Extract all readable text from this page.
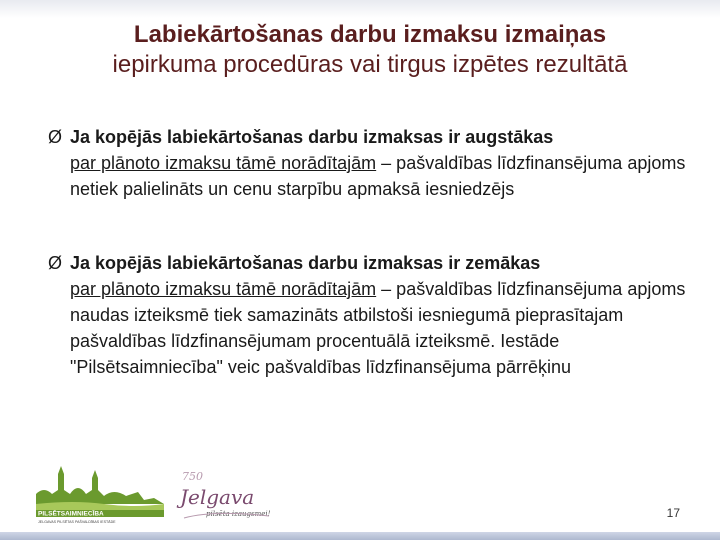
Labiekārtošanas darbu izmaksu izmaiņas
iepirkuma procedūras vai tirgus izpētes rezultātā
Ø Ja kopējās labiekārtošanas darbu izmaksas ir augstākas
par plānoto izmaksu tāmē norādītajām – pašvaldības līdzfinansējuma apjoms netiek palielināts un cenu starpību apmaksā iesniedzējs
Ø Ja kopējās labiekārtošanas darbu izmaksas ir zemākas
par plānoto izmaksu tāmē norādītajām – pašvaldības līdzfinansējuma apjoms naudas izteiksmē tiek samazināts atbilstoši iesniegumā pieprasītajam pašvaldības līdzfinansējumam procentuālā izteiksmē. Iestāde "Pilsētsaimniecība" veic pašvaldības līdzfinansējuma pārrēķinu
PILSĒTSAIMNIECĪBA
JELGAVAS PILSĒTAS PAŠVALDĪBAS IESTĀDE
750
Jelgava
pilsēta izaugsmei!	17
